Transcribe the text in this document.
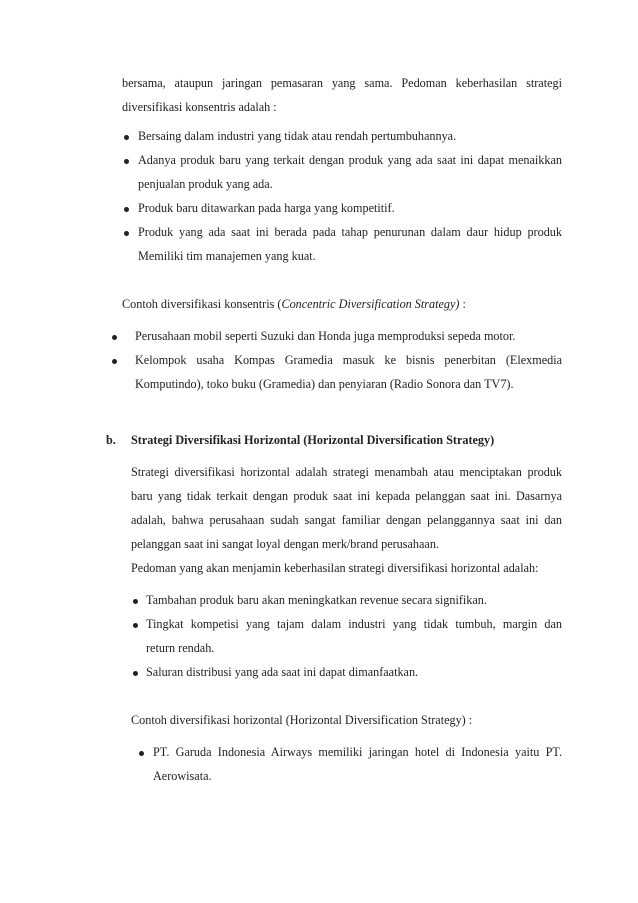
bersama, ataupun jaringan pemasaran yang sama. Pedoman keberhasilan strategi
diversifikasi konsentris adalah :
Bersaing dalam industri yang tidak atau rendah pertumbuhannya.
Adanya produk baru yang terkait dengan produk yang ada saat ini dapat menaikkan
penjualan produk yang ada.
Produk baru ditawarkan pada harga yang kompetitif.
Produk yang ada saat ini berada pada tahap penurunan dalam daur hidup produk
Memiliki tim manajemen yang kuat.
Contoh diversifikasi konsentris (Concentric Diversification Strategy) :
Perusahaan mobil seperti Suzuki dan Honda juga memproduksi sepeda motor.
Kelompok usaha Kompas Gramedia masuk ke bisnis penerbitan (Elexmedia
Komputindo), toko buku (Gramedia) dan penyiaran (Radio Sonora dan TV7).
b. Strategi Diversifikasi Horizontal (Horizontal Diversification Strategy)
Strategi diversifikasi horizontal adalah strategi menambah atau menciptakan produk
baru yang tidak terkait dengan produk saat ini kepada pelanggan saat ini. Dasarnya
adalah, bahwa perusahaan sudah sangat familiar dengan pelanggannya saat ini dan
pelanggan saat ini sangat loyal dengan merk/brand perusahaan.
Pedoman yang akan menjamin keberhasilan strategi diversifikasi horizontal adalah:
Tambahan produk baru akan meningkatkan revenue secara signifikan.
Tingkat kompetisi yang tajam dalam industri yang tidak tumbuh, margin dan
return rendah.
Saluran distribusi yang ada saat ini dapat dimanfaatkan.
Contoh diversifikasi horizontal (Horizontal Diversification Strategy) :
PT. Garuda Indonesia Airways memiliki jaringan hotel di Indonesia yaitu PT.
Aerowisata.
